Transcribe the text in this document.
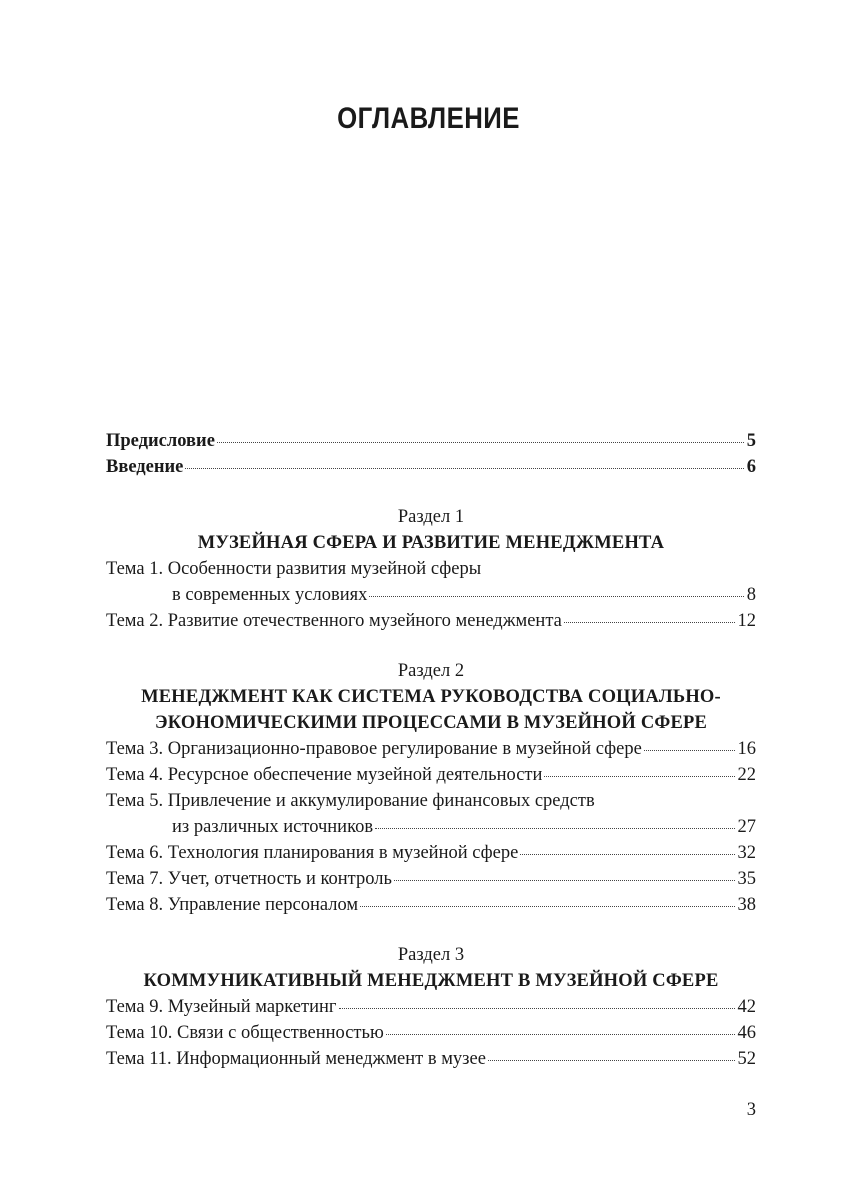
ОГЛАВЛЕНИЕ
Предисловие	5
Введение	6
Раздел 1
МУЗЕЙНАЯ СФЕРА И РАЗВИТИЕ МЕНЕДЖМЕНТА
Тема 1. Особенности развития музейной сферы
в современных условиях	8
Тема 2. Развитие отечественного музейного менеджмента	12
Раздел 2
МЕНЕДЖМЕНТ КАК СИСТЕМА РУКОВОДСТВА СОЦИАЛЬНО-
ЭКОНОМИЧЕСКИМИ ПРОЦЕССАМИ В МУЗЕЙНОЙ СФЕРЕ
Тема 3. Организационно-правовое регулирование в музейной сфере	16
Тема 4. Ресурсное обеспечение музейной деятельности	22
Тема 5. Привлечение и аккумулирование финансовых средств
из различных источников	27
Тема 6. Технология планирования в музейной сфере	32
Тема 7. Учет, отчетность и контроль	35
Тема 8. Управление персоналом	38
Раздел 3
КОММУНИКАТИВНЫЙ МЕНЕДЖМЕНТ В МУЗЕЙНОЙ СФЕРЕ
Тема 9. Музейный маркетинг	42
Тема 10. Связи с общественностью	46
Тема 11. Информационный менеджмент в музее	52
3
